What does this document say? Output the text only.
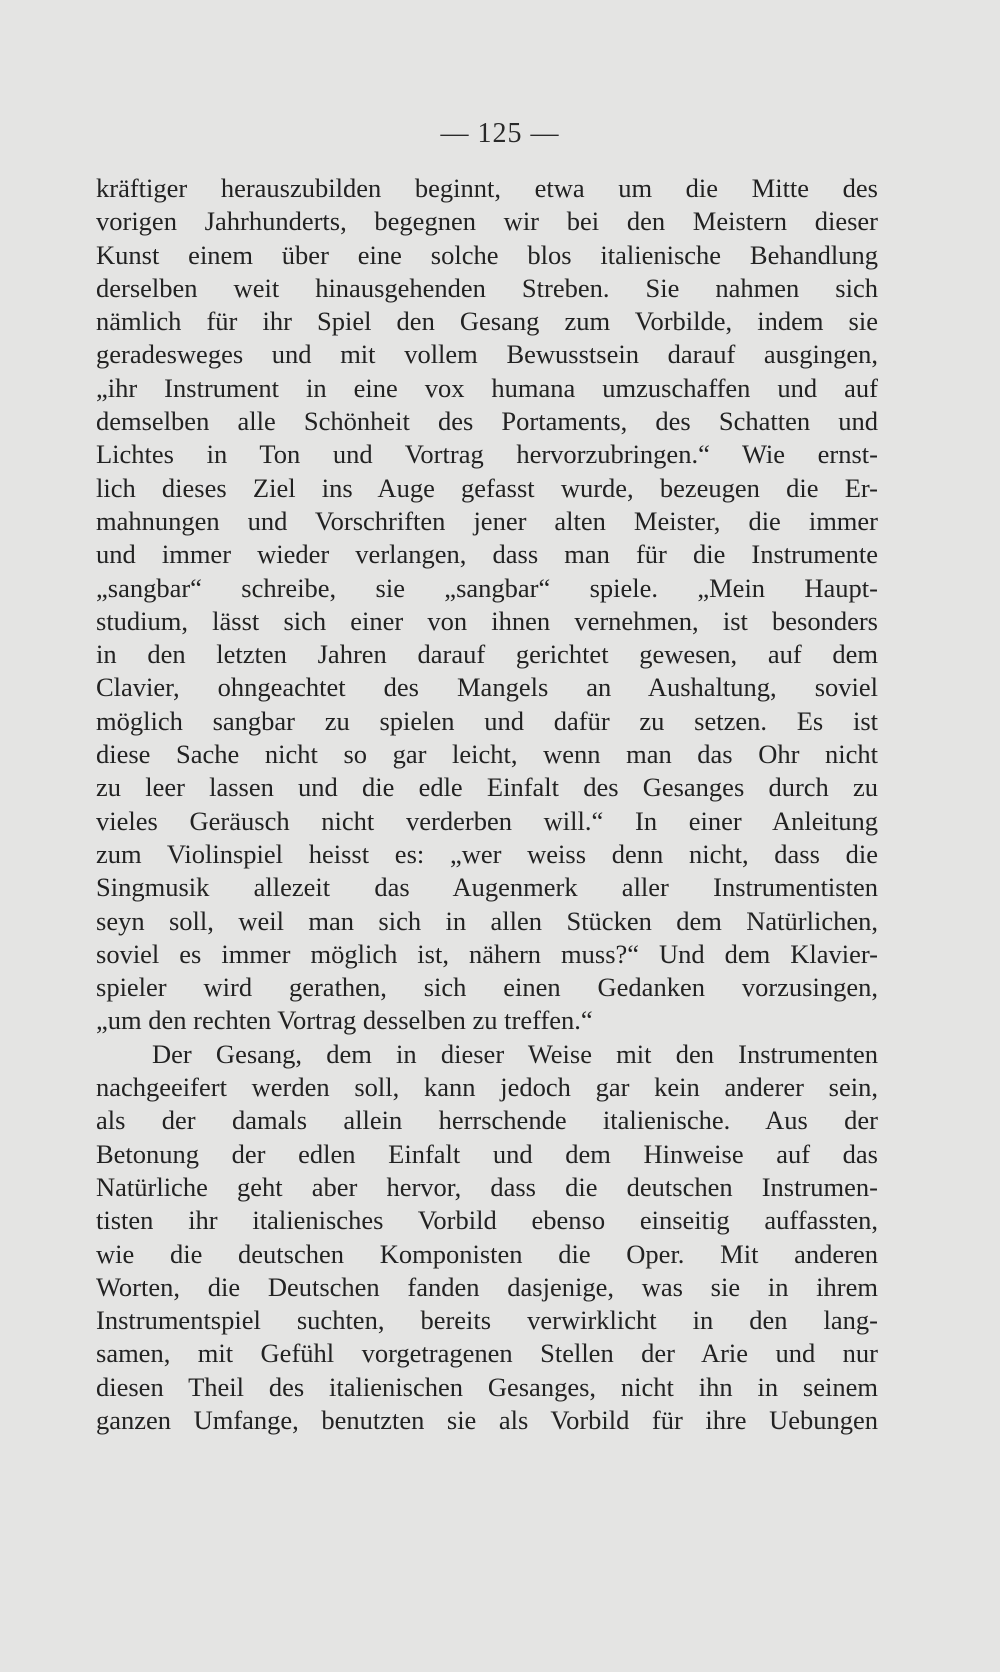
— 125 —
kräftiger herauszubilden beginnt, etwa um die Mitte des
vorigen Jahrhunderts, begegnen wir bei den Meistern dieser
Kunst einem über eine solche blos italienische Behandlung
derselben weit hinausgehenden Streben. Sie nahmen sich
nämlich für ihr Spiel den Gesang zum Vorbilde, indem sie
geradesweges und mit vollem Bewusstsein darauf ausgingen,
„ihr Instrument in eine vox humana umzuschaffen und auf
demselben alle Schönheit des Portaments, des Schatten und
Lichtes in Ton und Vortrag hervorzubringen.“ Wie ernst-
lich dieses Ziel ins Auge gefasst wurde, bezeugen die Er-
mahnungen und Vorschriften jener alten Meister, die immer
und immer wieder verlangen, dass man für die Instrumente
„sangbar“ schreibe, sie „sangbar“ spiele. „Mein Haupt-
studium, lässt sich einer von ihnen vernehmen, ist besonders
in den letzten Jahren darauf gerichtet gewesen, auf dem
Clavier, ohngeachtet des Mangels an Aushaltung, soviel
möglich sangbar zu spielen und dafür zu setzen. Es ist
diese Sache nicht so gar leicht, wenn man das Ohr nicht
zu leer lassen und die edle Einfalt des Gesanges durch zu
vieles Geräusch nicht verderben will.“ In einer Anleitung
zum Violinspiel heisst es: „wer weiss denn nicht, dass die
Singmusik allezeit das Augenmerk aller Instrumentisten
seyn soll, weil man sich in allen Stücken dem Natürlichen,
soviel es immer möglich ist, nähern muss?“ Und dem Klavier-
spieler wird gerathen, sich einen Gedanken vorzusingen,
„um den rechten Vortrag desselben zu treffen.“
Der Gesang, dem in dieser Weise mit den Instrumenten
nachgeeifert werden soll, kann jedoch gar kein anderer sein,
als der damals allein herrschende italienische. Aus der
Betonung der edlen Einfalt und dem Hinweise auf das
Natürliche geht aber hervor, dass die deutschen Instrumen-
tisten ihr italienisches Vorbild ebenso einseitig auffassten,
wie die deutschen Komponisten die Oper. Mit anderen
Worten, die Deutschen fanden dasjenige, was sie in ihrem
Instrumentspiel suchten, bereits verwirklicht in den lang-
samen, mit Gefühl vorgetragenen Stellen der Arie und nur
diesen Theil des italienischen Gesanges, nicht ihn in seinem
ganzen Umfange, benutzten sie als Vorbild für ihre Uebungen
